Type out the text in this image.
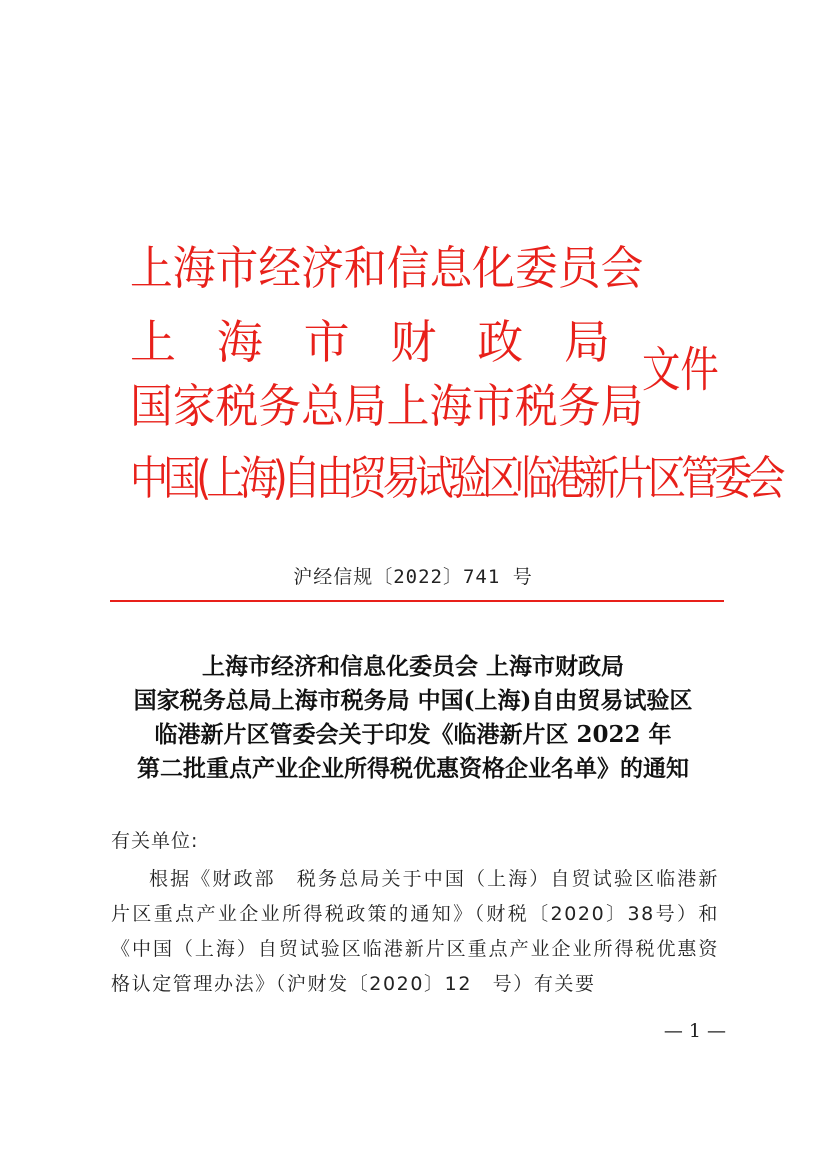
上海市经济和信息化委员会
上 海 市 财 政 局
国家税务总局上海市税务局
中国(上海)自由贸易试验区临港新片区管委会
文件
沪经信规〔2022〕741 号
上海市经济和信息化委员会 上海市财政局
国家税务总局上海市税务局 中国(上海)自由贸易试验区
临港新片区管委会关于印发《临港新片区 2022 年
第二批重点产业企业所得税优惠资格企业名单》的通知
有关单位:
根据《财政部　税务总局关于中国（上海）自贸试验区临港新片区重点产业企业所得税政策的通知》（财税〔2020〕38号）和《中国（上海）自贸试验区临港新片区重点产业企业所得税优惠资格认定管理办法》（沪财发〔2020〕12　号）有关要
— 1 —
